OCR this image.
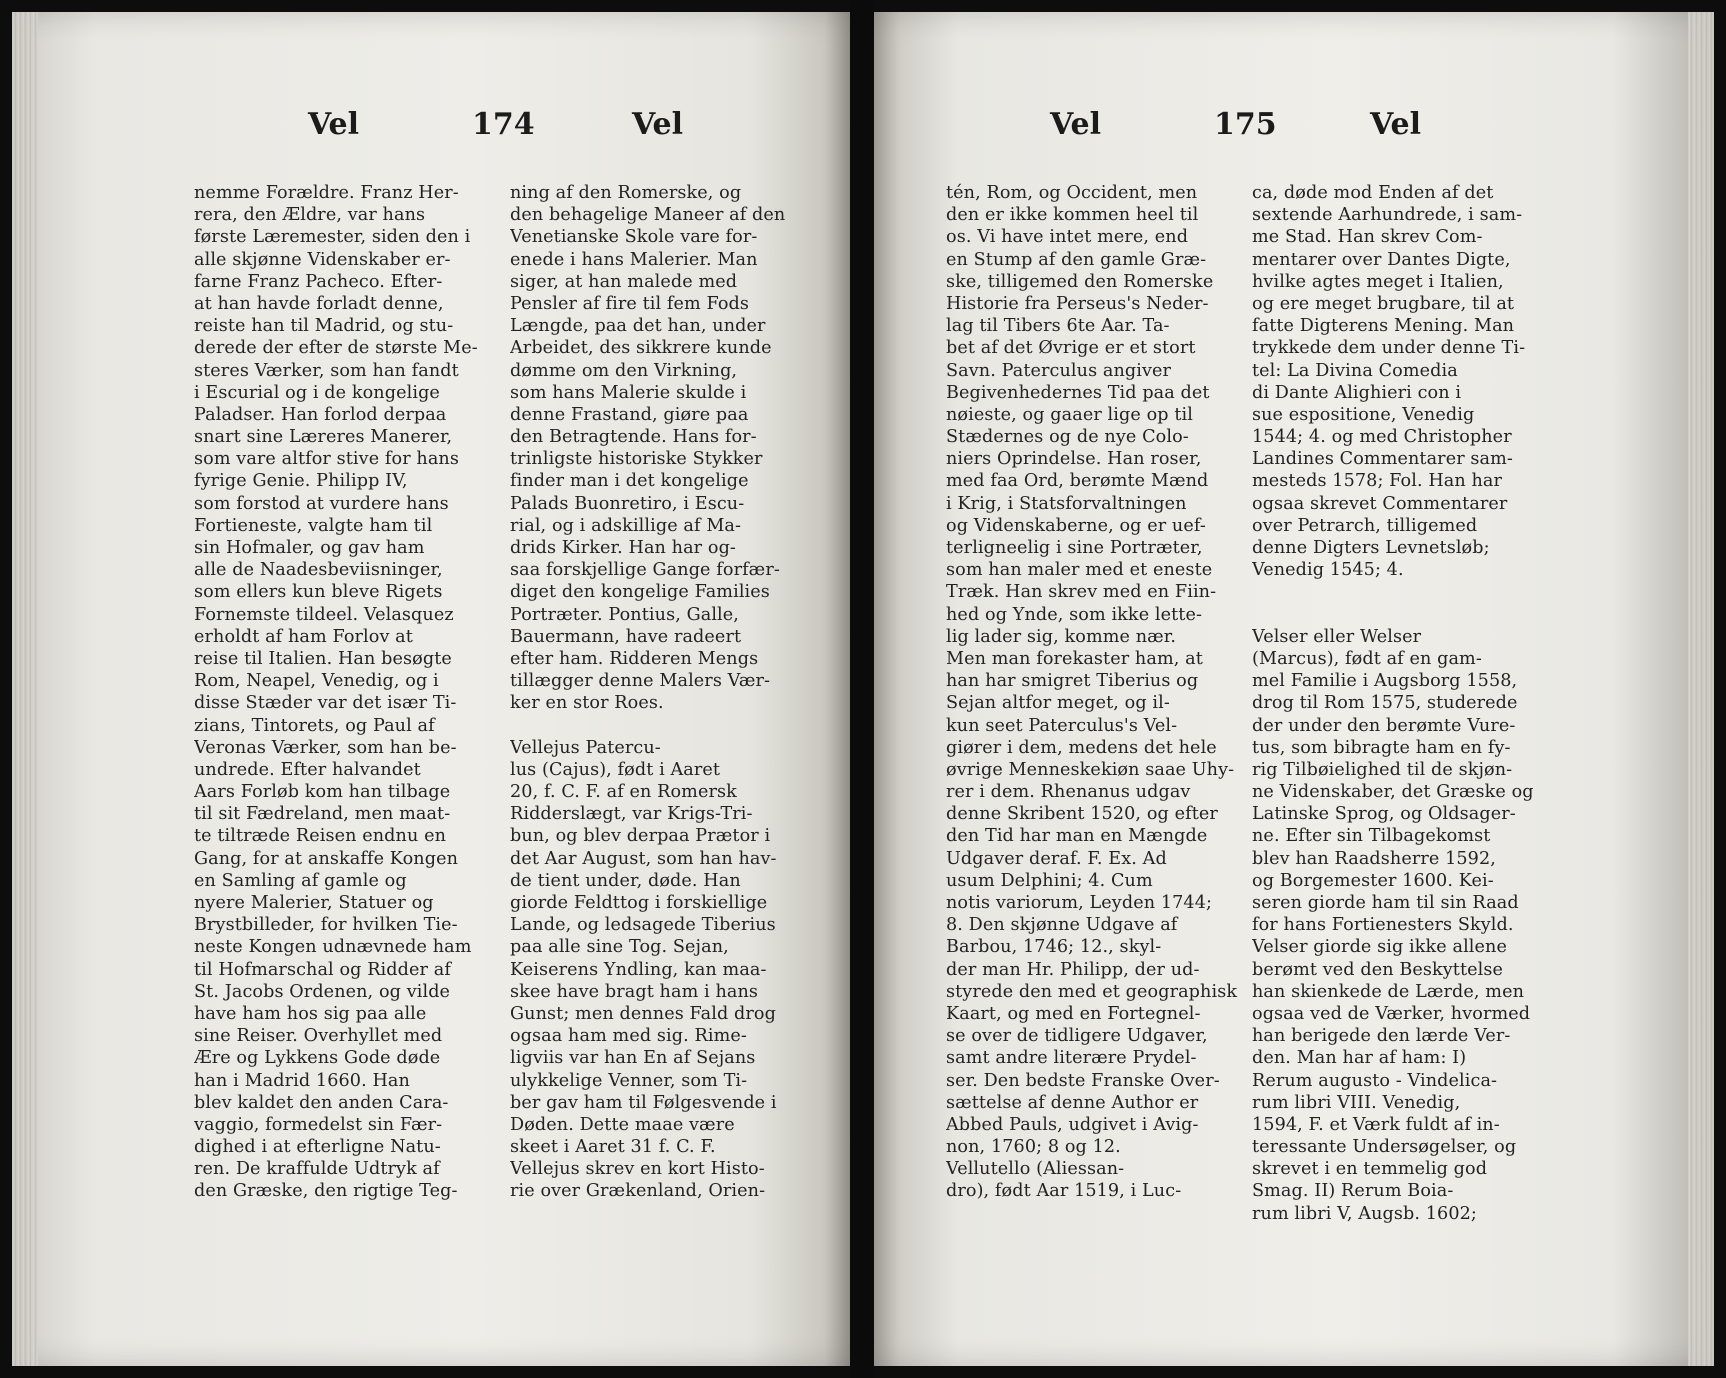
Vel	174	Vel
nemme Forældre. Franz Her-
rera, den Ældre, var hans
første Læremester, siden den i
alle skjønne Videnskaber er-
farne Franz Pacheco. Efter-
at han havde forladt denne,
reiste han til Madrid, og stu-
derede der efter de største Me-
steres Værker, som han fandt
i Escurial og i de kongelige
Paladser. Han forlod derpaa
snart sine Læreres Manerer,
som vare altfor stive for hans
fyrige Genie. Philipp IV,
som forstod at vurdere hans
Fortieneste, valgte ham til
sin Hofmaler, og gav ham
alle de Naadesbeviisninger,
som ellers kun bleve Rigets
Fornemste tildeel. Velasquez
erholdt af ham Forlov at
reise til Italien. Han besøgte
Rom, Neapel, Venedig, og i
disse Stæder var det især Ti-
zians, Tintorets, og Paul af
Veronas Værker, som han be-
undrede. Efter halvandet
Aars Forløb kom han tilbage
til sit Fædreland, men maat-
te tiltræde Reisen endnu en
Gang, for at anskaffe Kongen
en Samling af gamle og
nyere Malerier, Statuer og
Brystbilleder, for hvilken Tie-
neste Kongen udnævnede ham
til Hofmarschal og Ridder af
St. Jacobs Ordenen, og vilde
have ham hos sig paa alle
sine Reiser. Overhyllet med
Ære og Lykkens Gode døde
han i Madrid 1660. Han
blev kaldet den anden Cara-
vaggio, formedelst sin Fær-
dighed i at efterligne Natu-
ren. De kraffulde Udtryk af
den Græske, den rigtige Teg-
ning af den Romerske, og
den behagelige Maneer af den
Venetianske Skole vare for-
enede i hans Malerier. Man
siger, at han malede med
Pensler af fire til fem Fods
Længde, paa det han, under
Arbeidet, des sikkrere kunde
dømme om den Virkning,
som hans Malerie skulde i
denne Frastand, giøre paa
den Betragtende. Hans for-
trinligste historiske Stykker
finder man i det kongelige
Palads Buonretiro, i Escu-
rial, og i adskillige af Ma-
drids Kirker. Han har og-
saa forskjellige Gange forfær-
diget den kongelige Families
Portræter. Pontius, Galle,
Bauermann, have radeert
efter ham. Ridderen Mengs
tillægger denne Malers Vær-
ker en stor Roes.
Vellejus Patercu-
lus (Cajus), født i Aaret
20, f. C. F. af en Romersk
Ridderslægt, var Krigs-Tri-
bun, og blev derpaa Prætor i
det Aar August, som han hav-
de tient under, døde. Han
giorde Feldttog i forskiellige
Lande, og ledsagede Tiberius
paa alle sine Tog. Sejan,
Keiserens Yndling, kan maa-
skee have bragt ham i hans
Gunst; men dennes Fald drog
ogsaa ham med sig. Rime-
ligviis var han En af Sejans
ulykkelige Venner, som Ti-
ber gav ham til Følgesvende i
Døden. Dette maae være
skeet i Aaret 31 f. C. F.
Vellejus skrev en kort Histo-
rie over Grækenland, Orien-
Vel	175	Vel
tén, Rom, og Occident, men
den er ikke kommen heel til
os. Vi have intet mere, end
en Stump af den gamle Græ-
ske, tilligemed den Romerske
Historie fra Perseus's Neder-
lag til Tibers 6te Aar. Ta-
bet af det Øvrige er et stort
Savn. Paterculus angiver
Begivenhedernes Tid paa det
nøieste, og gaaer lige op til
Stædernes og de nye Colo-
niers Oprindelse. Han roser,
med faa Ord, berømte Mænd
i Krig, i Statsforvaltningen
og Videnskaberne, og er uef-
terligneelig i sine Portræter,
som han maler med et eneste
Træk. Han skrev med en Fiin-
hed og Ynde, som ikke lette-
lig lader sig, komme nær.
Men man forekaster ham, at
han har smigret Tiberius og
Sejan altfor meget, og il-
kun seet Paterculus's Vel-
giører i dem, medens det hele
øvrige Menneskekiøn saae Uhy-
rer i dem. Rhenanus udgav
denne Skribent 1520, og efter
den Tid har man en Mængde
Udgaver deraf. F. Ex. Ad
usum Delphini; 4. Cum
notis variorum, Leyden 1744;
8. Den skjønne Udgave af
Barbou, 1746; 12., skyl-
der man Hr. Philipp, der ud-
styrede den med et geographisk
Kaart, og med en Fortegnel-
se over de tidligere Udgaver,
samt andre literære Prydel-
ser. Den bedste Franske Over-
sættelse af denne Author er
Abbed Pauls, udgivet i Avig-
non, 1760; 8 og 12.
Vellutello (Aliessan-
dro), født Aar 1519, i Luc-
ca, døde mod Enden af det
sextende Aarhundrede, i sam-
me Stad. Han skrev Com-
mentarer over Dantes Digte,
hvilke agtes meget i Italien,
og ere meget brugbare, til at
fatte Digterens Mening. Man
trykkede dem under denne Ti-
tel: La Divina Comedia
di Dante Alighieri con i
sue espositione, Venedig
1544; 4. og med Christopher
Landines Commentarer sam-
mesteds 1578; Fol. Han har
ogsaa skrevet Commentarer
over Petrarch, tilligemed
denne Digters Levnetsløb;
Venedig 1545; 4.
Velser eller Welser
(Marcus), født af en gam-
mel Familie i Augsborg 1558,
drog til Rom 1575, studerede
der under den berømte Vure-
tus, som bibragte ham en fy-
rig Tilbøielighed til de skjøn-
ne Videnskaber, det Græske og
Latinske Sprog, og Oldsager-
ne. Efter sin Tilbagekomst
blev han Raadsherre 1592,
og Borgemester 1600. Kei-
seren giorde ham til sin Raad
for hans Fortienesters Skyld.
Velser giorde sig ikke allene
berømt ved den Beskyttelse
han skienkede de Lærde, men
ogsaa ved de Værker, hvormed
han berigede den lærde Ver-
den. Man har af ham: I)
Rerum augusto - Vindelica-
rum libri VIII. Venedig,
1594, F. et Værk fuldt af in-
teressante Undersøgelser, og
skrevet i en temmelig god
Smag. II) Rerum Boia-
rum libri V, Augsb. 1602;
